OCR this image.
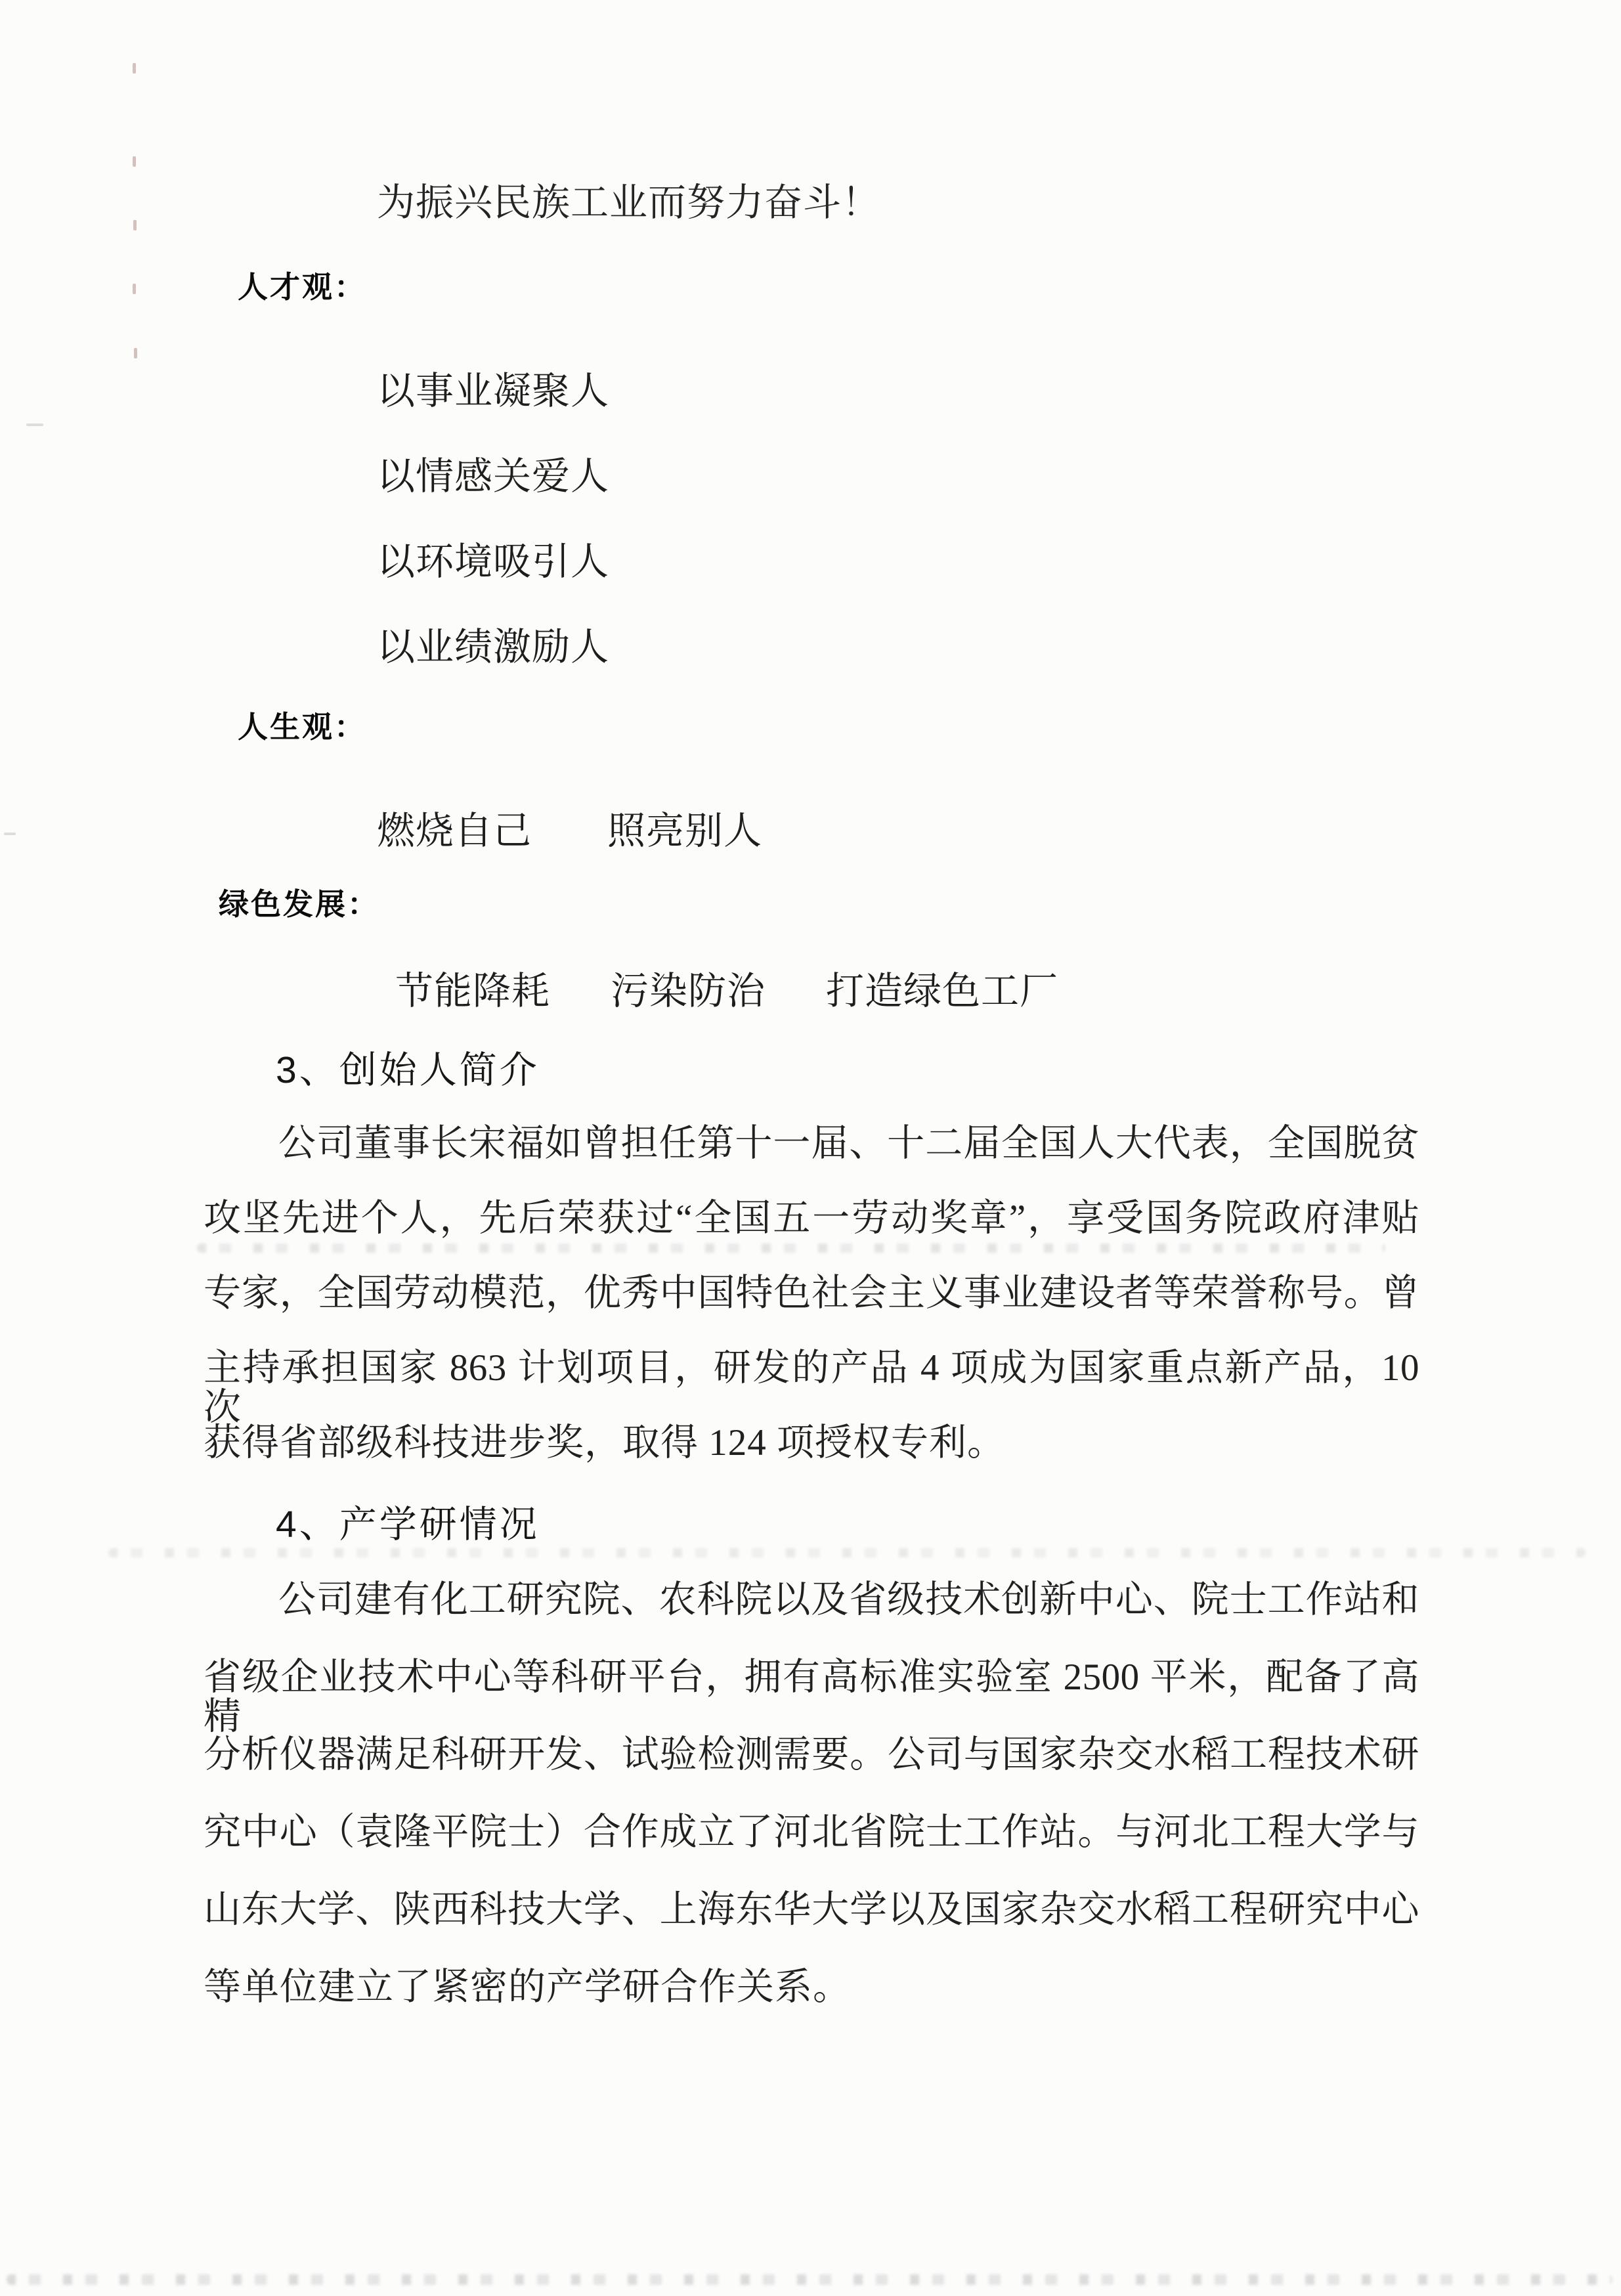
为振兴民族工业而努力奋斗！
人才观：
以事业凝聚人
以情感关爱人
以环境吸引人
以业绩激励人
人生观：
燃烧自己 照亮别人
绿色发展：
节能降耗 污染防治 打造绿色工厂
3、创始人简介
公司董事长宋福如曾担任第十一届、十二届全国人大代表，全国脱贫
攻坚先进个人，先后荣获过“全国五一劳动奖章”，享受国务院政府津贴
专家，全国劳动模范，优秀中国特色社会主义事业建设者等荣誉称号。曾
主持承担国家 863 计划项目，研发的产品 4 项成为国家重点新产品，10 次
获得省部级科技进步奖，取得 124 项授权专利。
4、产学研情况
公司建有化工研究院、农科院以及省级技术创新中心、院士工作站和
省级企业技术中心等科研平台，拥有高标准实验室 2500 平米，配备了高精
分析仪器满足科研开发、试验检测需要。公司与国家杂交水稻工程技术研
究中心（袁隆平院士）合作成立了河北省院士工作站。与河北工程大学与
山东大学、陕西科技大学、上海东华大学以及国家杂交水稻工程研究中心
等单位建立了紧密的产学研合作关系。
